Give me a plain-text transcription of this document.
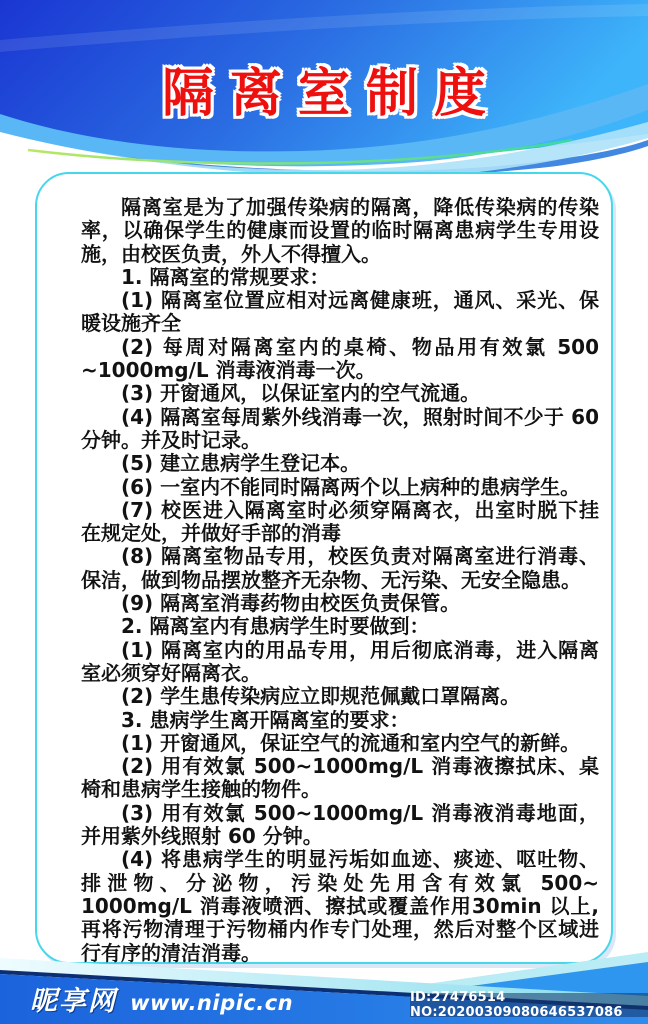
隔离室制度

隔离室是为了加强传染病的隔离，降低传染病的传染率，以确保学生的健康而设置的临时隔离患病学生专用设施，由校医负责，外人不得擅入。

1. 隔离室的常规要求：

(1) 隔离室位置应相对远离健康班，通风、采光、保暖设施齐全

(2) 每周对隔离室内的桌椅、物品用有效氯 500 ~1000mg/L 消毒液消毒一次。

(3) 开窗通风，以保证室内的空气流通。

(4) 隔离室每周紫外线消毒一次，照射时间不少于 60 分钟。并及时记录。

(5) 建立患病学生登记本。

(6) 一室内不能同时隔离两个以上病种的患病学生。

(7) 校医进入隔离室时必须穿隔离衣，出室时脱下挂在规定处，并做好手部的消毒

(8) 隔离室物品专用，校医负责对隔离室进行消毒、保洁，做到物品摆放整齐无杂物、无污染、无安全隐患。

(9) 隔离室消毒药物由校医负责保管。

2. 隔离室内有患病学生时要做到：

(1) 隔离室内的用品专用，用后彻底消毒，进入隔离室必须穿好隔离衣。

(2) 学生患传染病应立即规范佩戴口罩隔离。

3. 患病学生离开隔离室的要求：

(1) 开窗通风，保证空气的流通和室内空气的新鲜。

(2) 用有效氯 500~1000mg/L 消毒液擦拭床、桌椅和患病学生接触的物件。

(3) 用有效氯 500~1000mg/L 消毒液消毒地面，并用紫外线照射 60 分钟。

(4) 将患病学生的明显污垢如血迹、痰迹、呕吐物、排泄物、分泌物，污染处先用含有效氯 500~ 1000mg/L 消毒液喷洒、擦拭或覆盖作用30min 以上,再将污物清理于污物桶内作专门处理，然后对整个区域进行有序的清洁消毒。

昵享网 www.nipic.cn	ID:27476514 NO:20200309080646537086
